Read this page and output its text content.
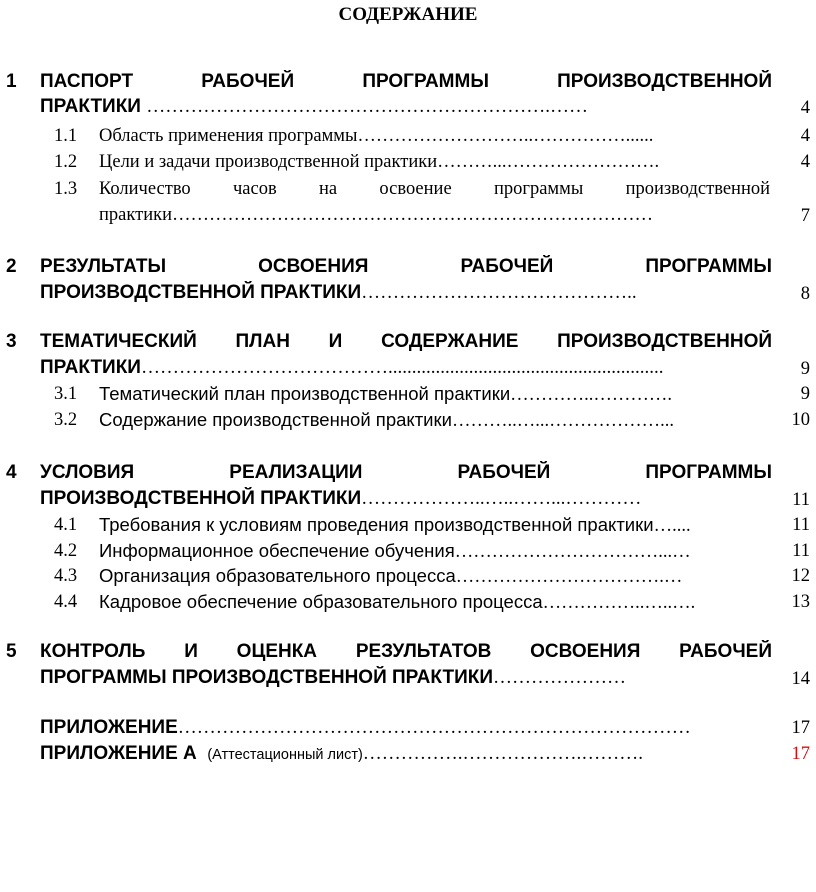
СОДЕРЖАНИЕ
1 ПАСПОРТ РАБОЧЕЙ ПРОГРАММЫ ПРОИЗВОДСТВЕННОЙ
ПРАКТИКИ ……………………………………………………….……	4
1.1 Область применения программы………………………..……………......	4
1.2 Цели и задачи производственной практики………...…………………….	4
1.3 Количество часов на освоение программы производственной
практики……………………………………………………………………	7
2 РЕЗУЛЬТАТЫ ОСВОЕНИЯ РАБОЧЕЙ ПРОГРАММЫ
ПРОИЗВОДСТВЕННОЙ ПРАКТИКИ……………………………………..	8
3 ТЕМАТИЧЕСКИЙ ПЛАН И СОДЕРЖАНИЕ ПРОИЗВОДСТВЕННОЙ
ПРАКТИКИ…………………………………..........................................................	9
3.1 Тематический план производственной практики…………..………….	9
3.2 Содержание производственной практики………..…...………………...	10
4 УСЛОВИЯ РЕАЛИЗАЦИИ РАБОЧЕЙ ПРОГРАММЫ
ПРОИЗВОДСТВЕННОЙ ПРАКТИКИ………………..…..……...…………	11
4.1 Требования к условиям проведения производственной практики…....	11
4.2 Информационное обеспечение обучения……………………………...…	11
4.3 Организация образовательного процесса…………………………….…	12
4.4 Кадровое обеспечение образовательного процесса……………..…..….	13
5 КОНТРОЛЬ И ОЦЕНКА РЕЗУЛЬТАТОВ ОСВОЕНИЯ РАБОЧЕЙ
ПРОГРАММЫ ПРОИЗВОДСТВЕННОЙ ПРАКТИКИ…………………	14
ПРИЛОЖЕНИЕ………………………………………………………………………	17
ПРИЛОЖЕНИЕ А (Аттестационный лист)…………….……………….……….	17
